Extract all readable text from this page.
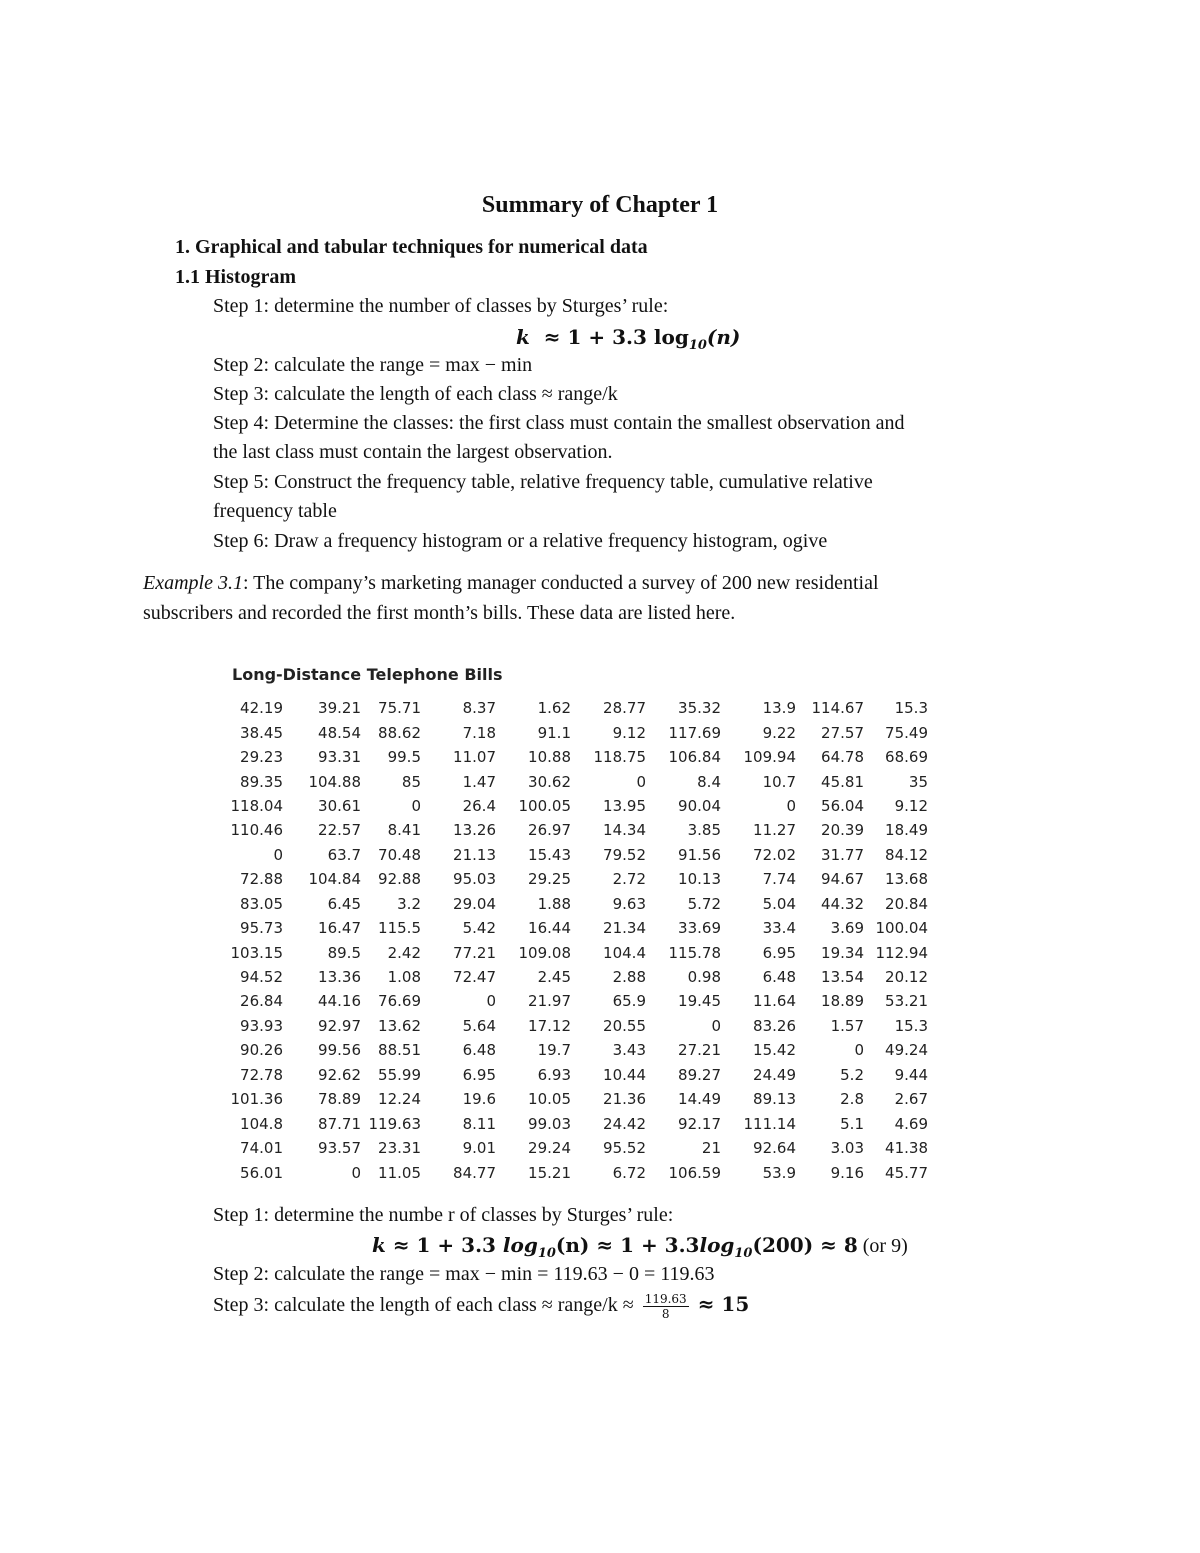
Summary of Chapter 1
1. Graphical and tabular techniques for numerical data
1.1 Histogram
Step 1: determine the number of classes by Sturges’ rule:
k ≈ 1 + 3.3 $\log_{10}(n)$
Step 2: calculate the range = max − min
Step 3: calculate the length of each class ≈ range/k
Step 4: Determine the classes: the first class must contain the smallest observation and
the last class must contain the largest observation.
Step 5: Construct the frequency table, relative frequency table, cumulative relative
frequency table
Step 6: Draw a frequency histogram or a relative frequency histogram, ogive
Example 3.1: The company’s marketing manager conducted a survey of 200 new residential
subscribers and recorded the first month’s bills. These data are listed here.
Long-Distance Telephone Bills
42.19	39.21	75.71	8.37	1.62	28.77	35.32	13.9	114.67	15.3
38.45	48.54	88.62	7.18	91.1	9.12	117.69	9.22	27.57	75.49
29.23	93.31	99.5	11.07	10.88	118.75	106.84	109.94	64.78	68.69
89.35	104.88	85	1.47	30.62	0	8.4	10.7	45.81	35
118.04	30.61	0	26.4	100.05	13.95	90.04	0	56.04	9.12
110.46	22.57	8.41	13.26	26.97	14.34	3.85	11.27	20.39	18.49
0	63.7	70.48	21.13	15.43	79.52	91.56	72.02	31.77	84.12
72.88	104.84	92.88	95.03	29.25	2.72	10.13	7.74	94.67	13.68
83.05	6.45	3.2	29.04	1.88	9.63	5.72	5.04	44.32	20.84
95.73	16.47	115.5	5.42	16.44	21.34	33.69	33.4	3.69	100.04
103.15	89.5	2.42	77.21	109.08	104.4	115.78	6.95	19.34	112.94
94.52	13.36	1.08	72.47	2.45	2.88	0.98	6.48	13.54	20.12
26.84	44.16	76.69	0	21.97	65.9	19.45	11.64	18.89	53.21
93.93	92.97	13.62	5.64	17.12	20.55	0	83.26	1.57	15.3
90.26	99.56	88.51	6.48	19.7	3.43	27.21	15.42	0	49.24
72.78	92.62	55.99	6.95	6.93	10.44	89.27	24.49	5.2	9.44
101.36	78.89	12.24	19.6	10.05	21.36	14.49	89.13	2.8	2.67
104.8	87.71	119.63	8.11	99.03	24.42	92.17	111.14	5.1	4.69
74.01	93.57	23.31	9.01	29.24	95.52	21	92.64	3.03	41.38
56.01	0	11.05	84.77	15.21	6.72	106.59	53.9	9.16	45.77
Step 1: determine the numbe r of classes by Sturges’ rule:
k ≈ 1 + 3.3 $\log_{10}(n) \approx 1 + 3.3\log_{10}(200) \approx 8$ (or 9)
Step 2: calculate the range = max − min = 119.63 − 0 = 119.63
Step 3: calculate the length of each class ≈ range/k ≈ $\frac{119.63}{8} \approx 15$
